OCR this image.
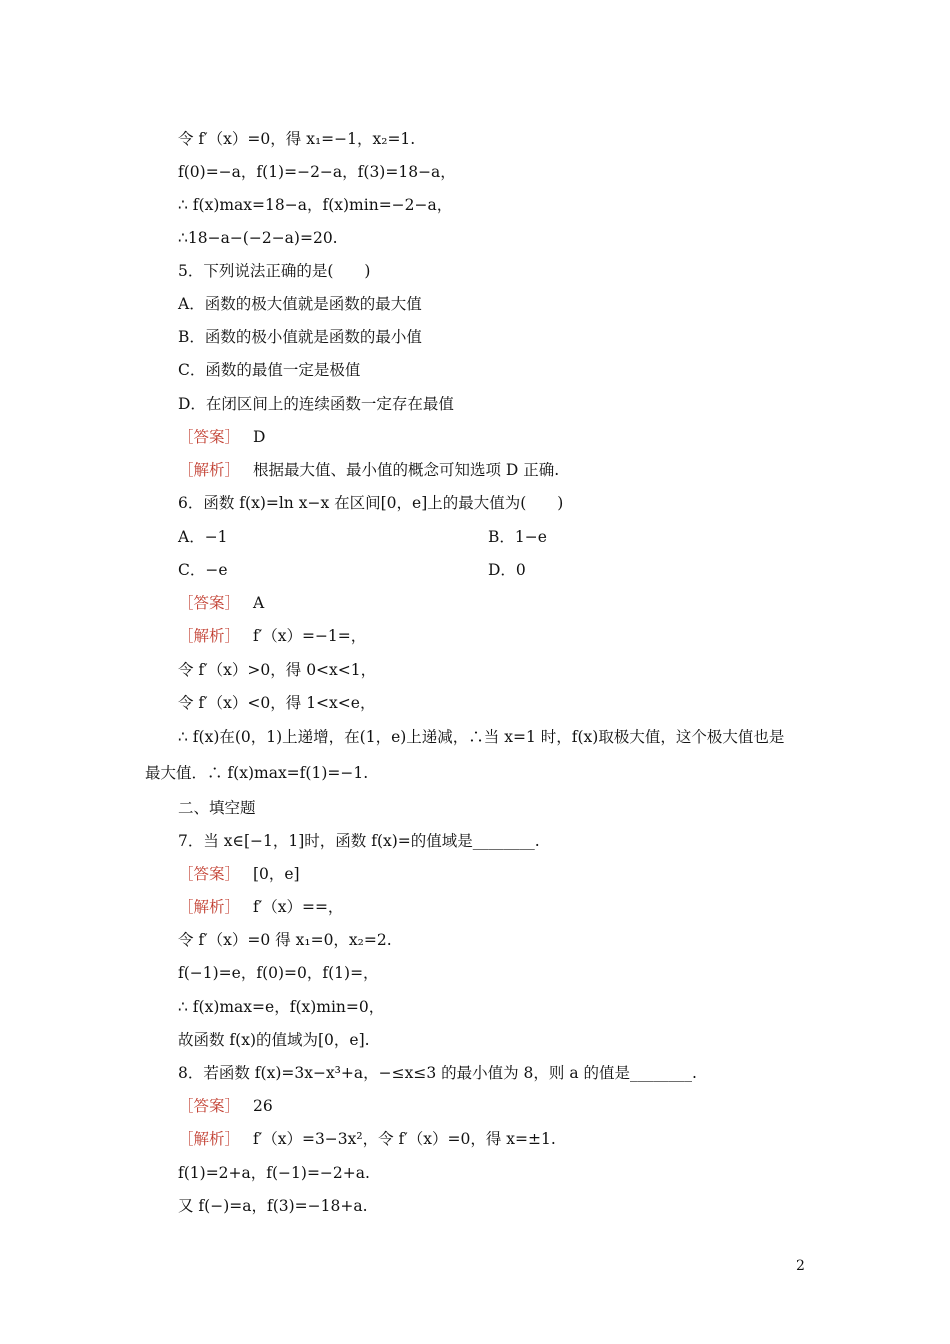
令 f′（x）=0，得 x₁=−1，x₂=1.
f(0)=−a，f(1)=−2−a，f(3)=18−a，
∴ f(x)max=18−a，f(x)min=−2−a，
∴18−a−(−2−a)=20.
5．下列说法正确的是(　　)
A．函数的极大值就是函数的最大值
B．函数的极小值就是函数的最小值
C．函数的最值一定是极值
D．在闭区间上的连续函数一定存在最值
［答案］ D
［解析］ 根据最大值、最小值的概念可知选项 D 正确.
6．函数 f(x)=ln x−x 在区间[0，e]上的最大值为(　　)
A．−1	B．1−e
C．−e	D．0
［答案］ A
［解析］ f′（x）=−1=，
令 f′（x）>0，得 0<x<1，
令 f′（x）<0，得 1<x<e，
∴ f(x)在(0，1)上递增，在(1，e)上递减，∴当 x=1 时，f(x)取极大值，这个极大值也是
最大值．∴ f(x)max=f(1)=−1.
二、填空题
7．当 x∈[−1，1]时，函数 f(x)=的值域是________.
［答案］ [0，e]
［解析］ f′（x）==，
令 f′（x）=0 得 x₁=0，x₂=2.
f(−1)=e，f(0)=0，f(1)=，
∴ f(x)max=e，f(x)min=0，
故函数 f(x)的值域为[0，e].
8．若函数 f(x)=3x−x³+a，−≤x≤3 的最小值为 8，则 a 的值是________.
［答案］ 26
［解析］ f′（x）=3−3x²，令 f′（x）=0，得 x=±1.
f(1)=2+a，f(−1)=−2+a.
又 f(−)=a，f(3)=−18+a.
2
